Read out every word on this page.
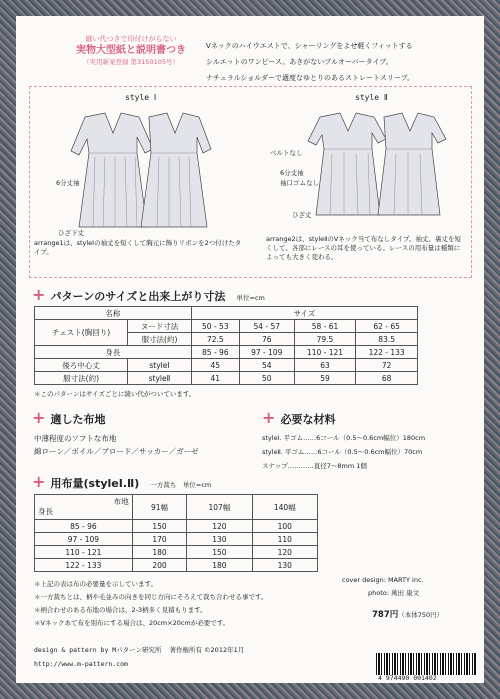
縫い代つきで印付けがらない
実物大型紙と説明書つき
（実用新案登録 第3150105号）
Vネックのハイウエストで、シャーリングをよせ軽くフィットする
シルエットのワンピース。あきがないプルオーバータイプ。
ナチュラルショルダーで適度なゆとりのあるストレートスリーブ。
style Ⅰ	style Ⅱ
6分丈袖
ひざ下丈
ベルトなし
6分丈袖
袖口ゴムなし
ひざ丈
arrange1は、styleⅠの袖丈を短くして胸元に飾りリボンを2つ付けたタイプ。
arrange2は、styleⅡのVネック当て布なしタイプ。袖丈、裏丈を短くして、各部にレースの耳を使っている。レースの用布量は種類によっても大きく変わる。
+ パターンのサイズと出来上がり寸法 単位=cm
名称		サイズ			
チェスト(胸回り)	ヌード寸法	50 - 53	54 - 57	58 - 61	62 - 65
	服寸法(約)	72.5	76	79.5	83.5
身長		85 - 96	97 - 109	110 - 121	122 - 133
後ろ中心丈	styleⅠ	45	54	63	72
服寸法(約)	styleⅡ	41	50	59	68
＊このパターンはサイズごとに縫い代がついています。
+ 適した布地
中薄程度のソフトな布地
綿ローン／ボイル／ブロード／サッカー／ガーゼ
+ 必要な材料
styleⅠ. 平ゴム……6コール（0.5〜0.6cm幅位）180cm
styleⅡ. 平ゴム……6コール（0.5〜0.6cm幅位）70cm
スナップ…………直径7〜8mm 1個
+ 用布量(styleⅠ.Ⅱ) 一方裁ち　単位=cm
布地
身長	91幅	107幅	140幅
85 - 96	150	120	100
97 - 109	170	130	110
110 - 121	180	150	120
122 - 133	200	180	130
＊上記の表は布の必要量を示しています。
＊一方裁ちとは、柄や毛並みの向きを同じ方向にそろえて裁ち合わせる事です。
＊柄合わせのある布地の場合は、2-3柄多く見積もります。
＊Vネックあて布を別布にする場合は、20cm×20cmが必要です。
cover design: MARTY inc.
photo: 萬田 康文
787円（本体750円）
design & pattern by Mパターン研究所 著作権所有 ©2012年1月
http://www.m-pattern.com
4 974490 001402
